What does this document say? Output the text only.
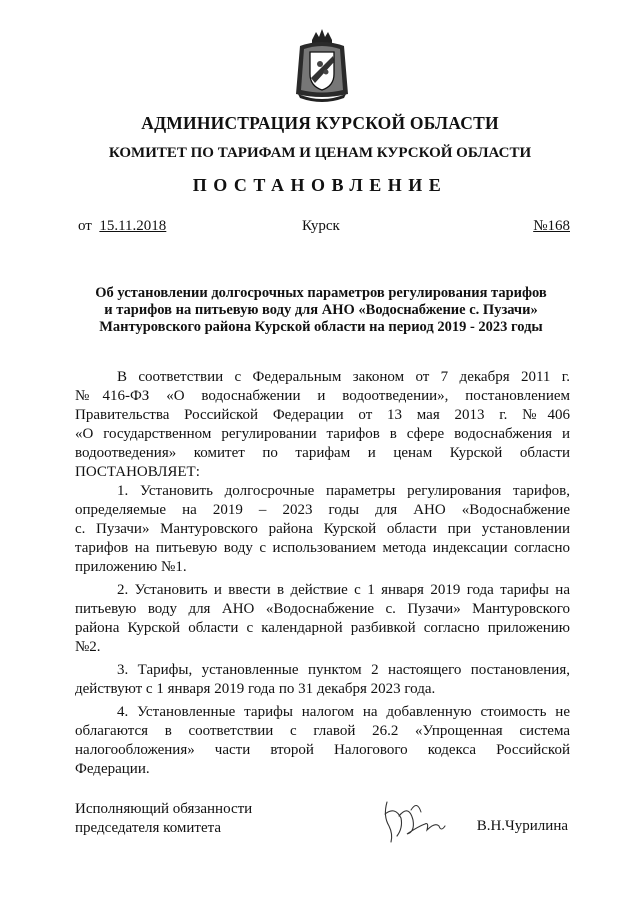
АДМИНИСТРАЦИЯ КУРСКОЙ ОБЛАСТИ
КОМИТЕТ ПО ТАРИФАМ И ЦЕНАМ КУРСКОЙ ОБЛАСТИ
ПОСТАНОВЛЕНИЕ
от 15.11.2018	Курск	№168
Об установлении долгосрочных параметров регулирования тарифов
и тарифов на питьевую воду для АНО «Водоснабжение с. Пузачи»
Мантуровского района Курской области на период 2019 - 2023 годы
В соответствии с Федеральным законом от 7 декабря 2011 г.
№416-ФЗ «О водоснабжении и водоотведении», постановлением
Правительства Российской Федерации от 13 мая 2013 г. №406
«О государственном регулировании тарифов в сфере водоснабжения и
водоотведения» комитет по тарифам и ценам Курской области
ПОСТАНОВЛЯЕТ:
1. Установить долгосрочные параметры регулирования тарифов,
определяемые на 2019 – 2023 годы для АНО «Водоснабжение
с. Пузачи» Мантуровского района Курской области при установлении
тарифов на питьевую воду с использованием метода индексации согласно
приложению №1.
2. Установить и ввести в действие с 1 января 2019 года тарифы на
питьевую воду для АНО «Водоснабжение с. Пузачи» Мантуровского
района Курской области с календарной разбивкой согласно приложению
№2.
3. Тарифы, установленные пунктом 2 настоящего постановления,
действуют с 1 января 2019 года по 31 декабря 2023 года.
4. Установленные тарифы налогом на добавленную стоимость не
облагаются в соответствии с главой 26.2 «Упрощенная система
налогообложения» части второй Налогового кодекса Российской
Федерации.
Исполняющий обязанности
председателя комитета	В.Н.Чурилина
